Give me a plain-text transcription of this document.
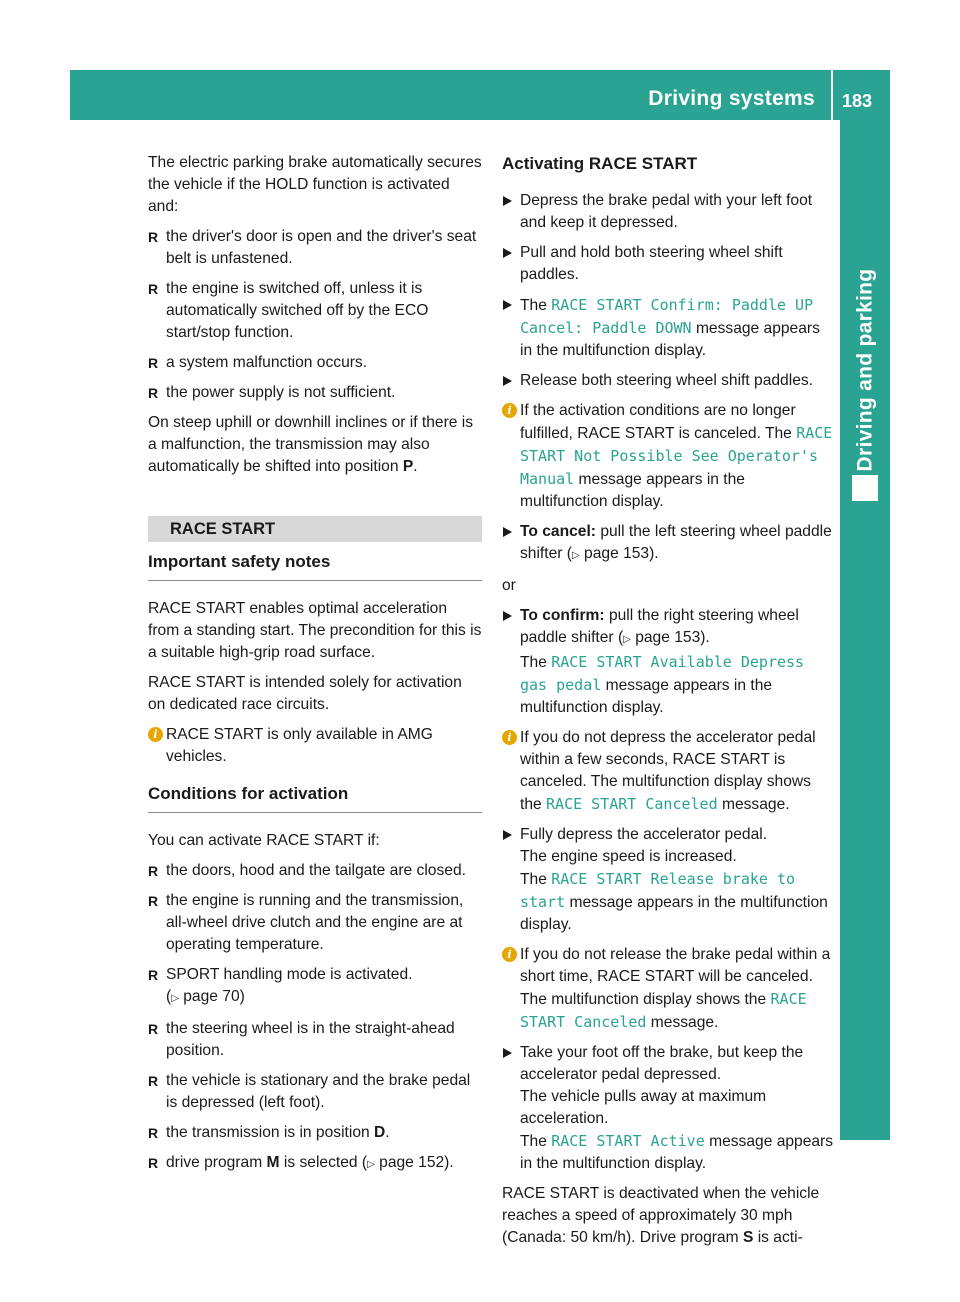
Driving systems 183
Driving and parking

The electric parking brake automatically secures the vehicle if the HOLD function is activated and:

R the driver's door is open and the driver's seat belt is unfastened.
R the engine is switched off, unless it is automatically switched off by the ECO start/stop function.
R a system malfunction occurs.
R the power supply is not sufficient.

On steep uphill or downhill inclines or if there is a malfunction, the transmission may also automatically be shifted into position P.

RACE START
Important safety notes

RACE START enables optimal acceleration from a standing start. The precondition for this is a suitable high-grip road surface.

RACE START is intended solely for activation on dedicated race circuits.

i RACE START is only available in AMG vehicles.
Conditions for activation

You can activate RACE START if:

R the doors, hood and the tailgate are closed.
R the engine is running and the transmission, all-wheel drive clutch and the engine are at operating temperature.
R SPORT handling mode is activated.
(▷ page 70)
R the steering wheel is in the straight-ahead position.
R the vehicle is stationary and the brake pedal is depressed (left foot).
R the transmission is in position D.
R drive program M is selected (▷ page 152).
Activating RACE START
Depress the brake pedal with your left foot and keep it depressed.
Pull and hold both steering wheel shift paddles.
The RACE START Confirm: Paddle UP Cancel: Paddle DOWN message appears in the multifunction display.
Release both steering wheel shift paddles.
i If the activation conditions are no longer fulfilled, RACE START is canceled. The RACE START Not Possible See Operator's Manual message appears in the multifunction display.
To cancel: pull the left steering wheel paddle shifter (▷ page 153).

or

To confirm: pull the right steering wheel paddle shifter (▷ page 153).
The RACE START Available Depress gas pedal message appears in the multifunction display.
i If you do not depress the accelerator pedal within a few seconds, RACE START is canceled. The multifunction display shows the RACE START Canceled message.
Fully depress the accelerator pedal.
The engine speed is increased.
The RACE START Release brake to start message appears in the multifunction display.
i If you do not release the brake pedal within a short time, RACE START will be canceled. The multifunction display shows the RACE START Canceled message.
Take your foot off the brake, but keep the accelerator pedal depressed.
The vehicle pulls away at maximum acceleration.
The RACE START Active message appears in the multifunction display.

RACE START is deactivated when the vehicle reaches a speed of approximately 30 mph (Canada: 50 km/h). Drive program S is acti-
